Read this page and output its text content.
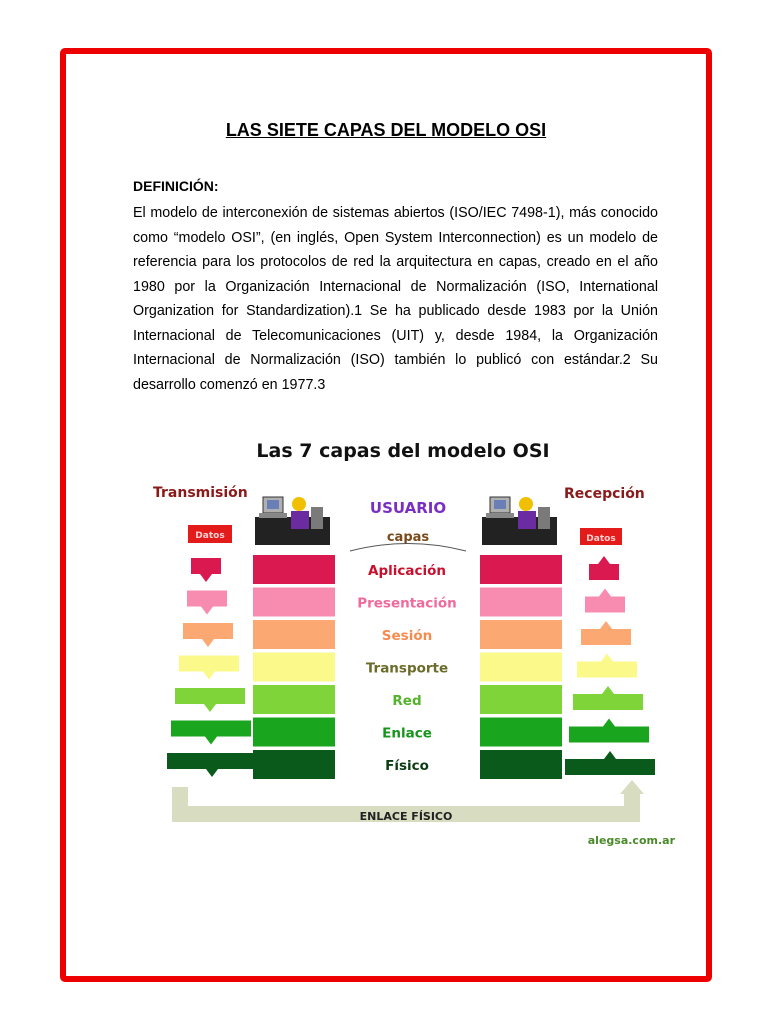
LAS SIETE CAPAS DEL MODELO OSI

DEFINICIÓN:

El modelo de interconexión de sistemas abiertos (ISO/IEC 7498-1), más conocido como “modelo OSI”, (en inglés, Open System Interconnection) es un modelo de referencia para los protocolos de red la arquitectura en capas, creado en el año 1980 por la Organización Internacional de Normalización (ISO, International Organization for Standardization).1 Se ha publicado desde 1983 por la Unión Internacional de Telecomunicaciones (UIT) y, desde 1984, la Organización Internacional de Normalización (ISO) también lo publicó con estándar.2 Su desarrollo comenzó en 1977.3

Las 7 capas del modelo OSI
Transmisión	Recepción
USUARIO
capas
Datos	Datos
Aplicación
Presentación
Sesión
Transporte
Red
Enlace
Físico
ENLACE FÍSICO
alegsa.com.ar
